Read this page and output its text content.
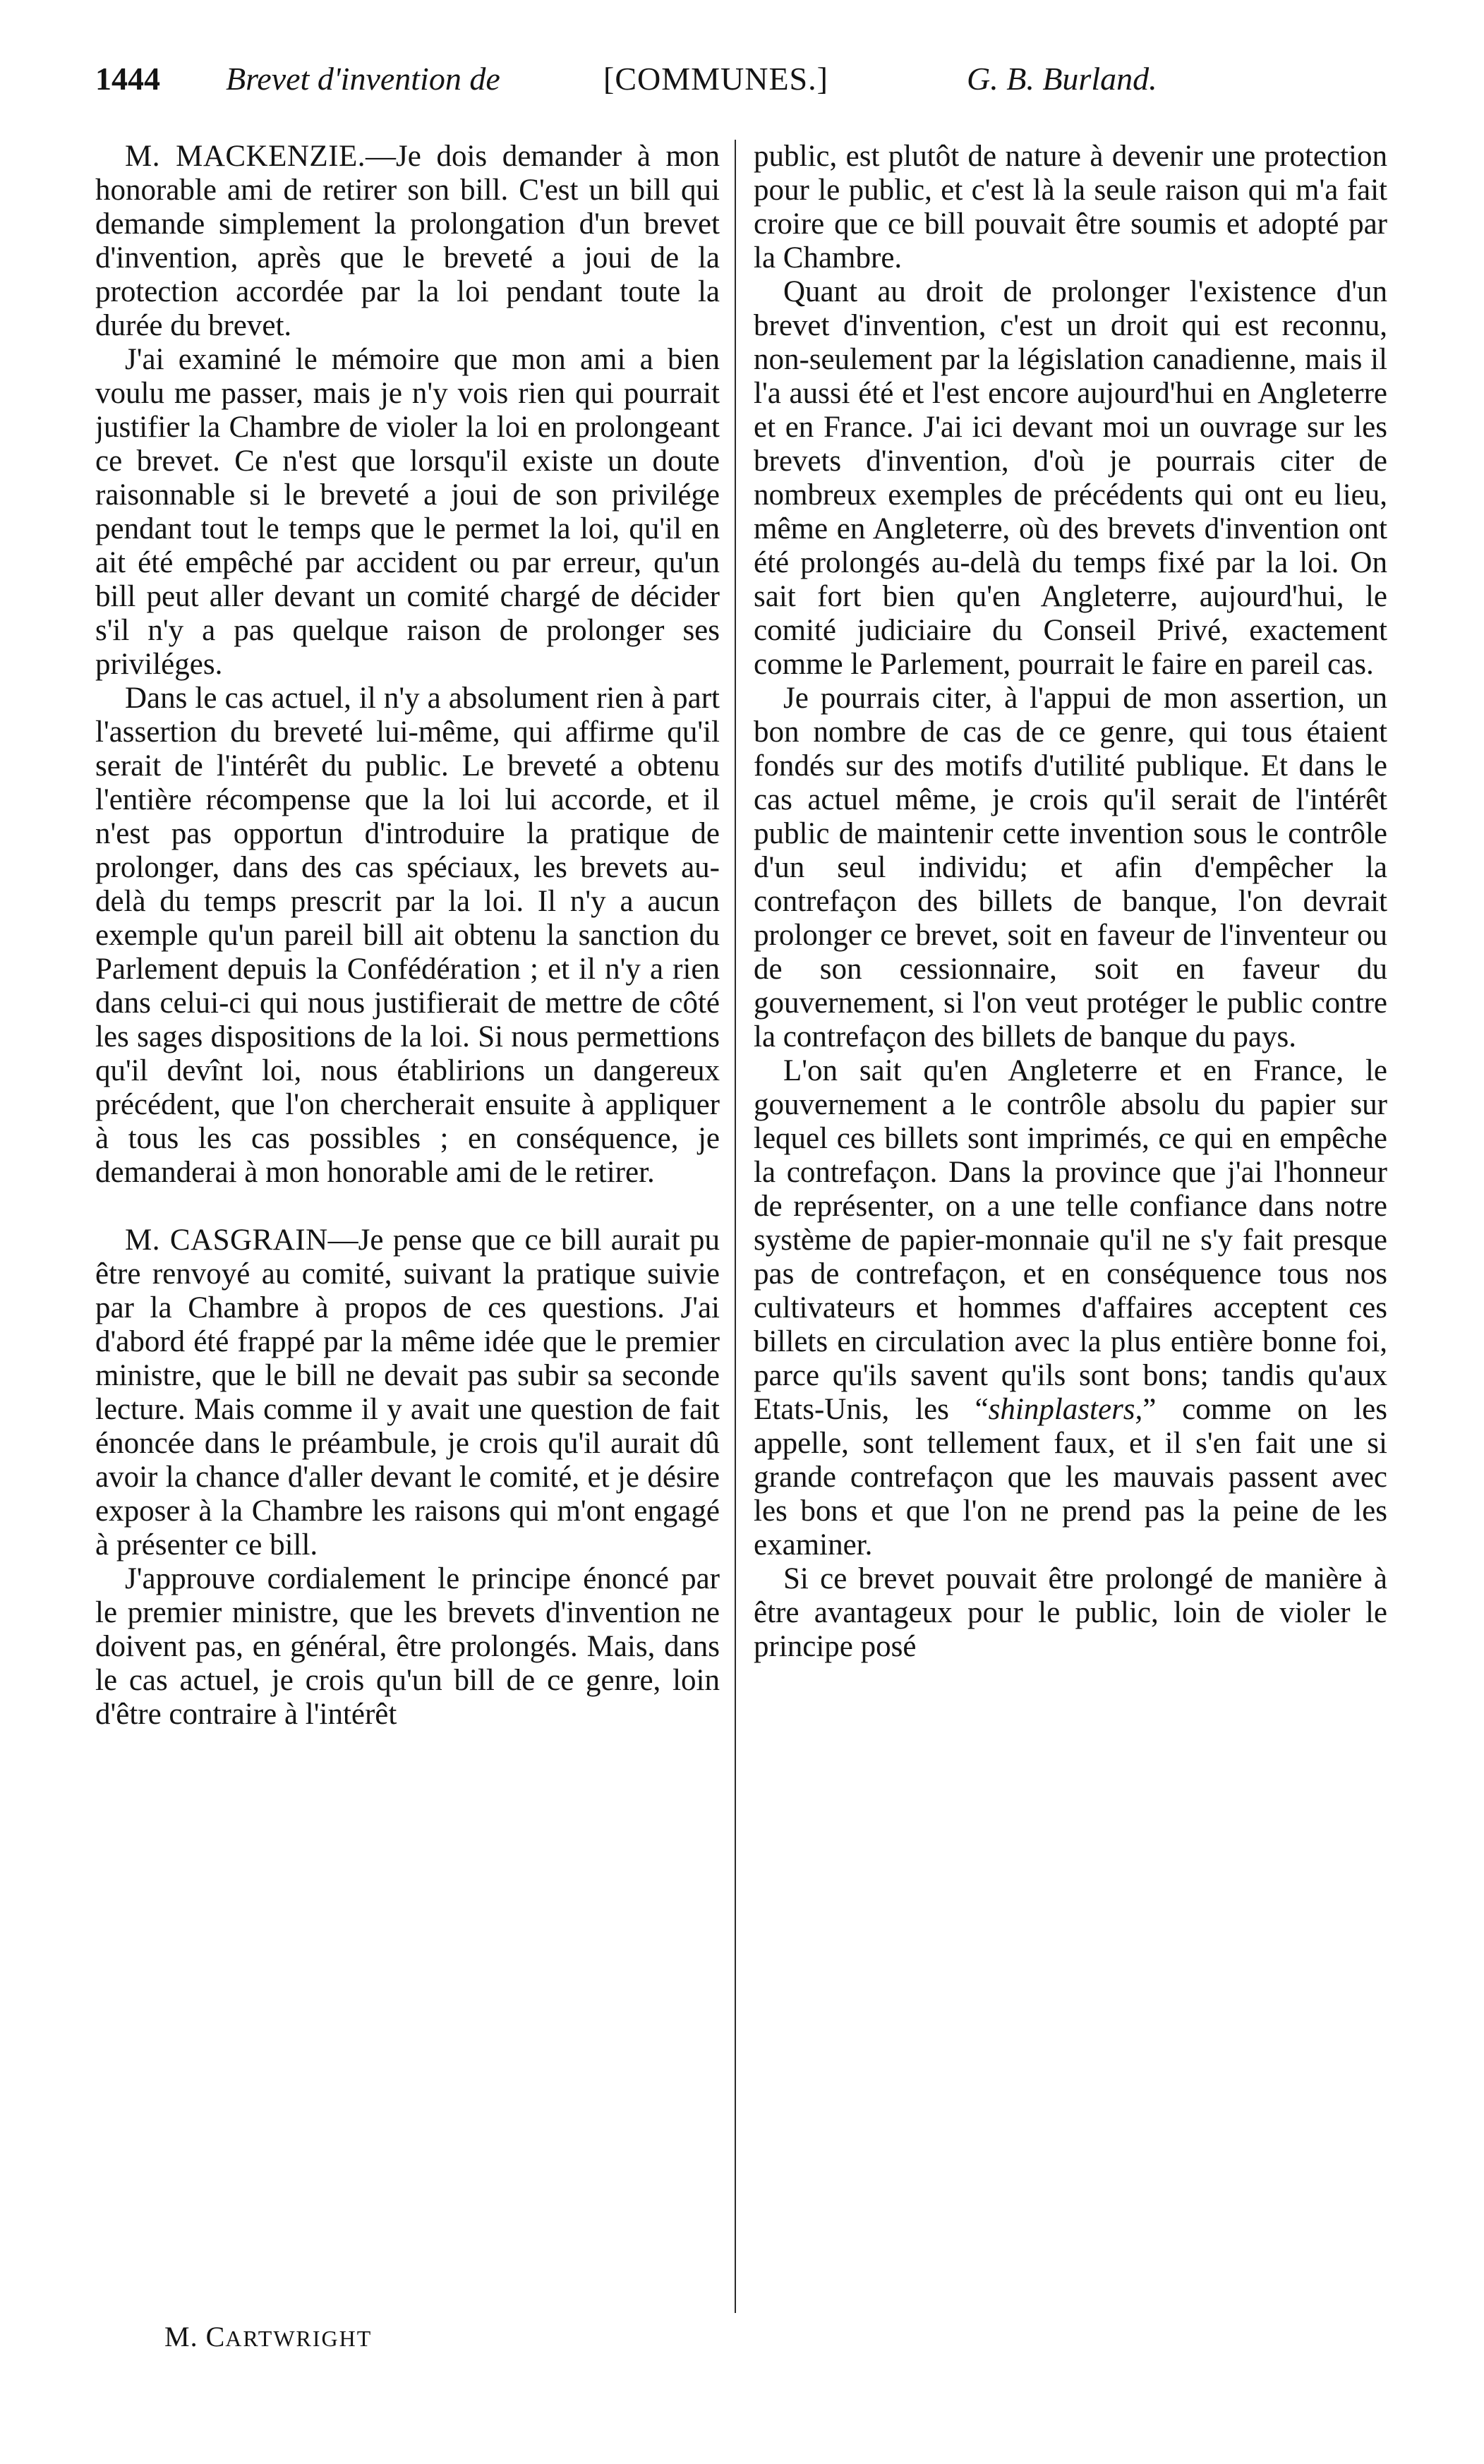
1444 Brevet d'invention de	[COMMUNES.]	G. B. Burland.

M. MACKENZIE.—Je dois demander à mon honorable ami de retirer son bill. C'est un bill qui demande simplement la prolongation d'un brevet d'invention, après que le breveté a joui de la protection accordée par la loi pendant toute la durée du brevet.

J'ai examiné le mémoire que mon ami a bien voulu me passer, mais je n'y vois rien qui pourrait justifier la Chambre de violer la loi en prolongeant ce brevet. Ce n'est que lorsqu'il existe un doute raisonnable si le breveté a joui de son privilége pendant tout le temps que le permet la loi, qu'il en ait été empêché par accident ou par erreur, qu'un bill peut aller devant un comité chargé de décider s'il n'y a pas quelque raison de prolonger ses priviléges.

Dans le cas actuel, il n'y a absolument rien à part l'assertion du breveté lui-même, qui affirme qu'il serait de l'intérêt du public. Le breveté a obtenu l'entière récompense que la loi lui accorde, et il n'est pas opportun d'introduire la pratique de prolonger, dans des cas spéciaux, les brevets au-delà du temps prescrit par la loi. Il n'y a aucun exemple qu'un pareil bill ait obtenu la sanction du Parlement depuis la Confédération ; et il n'y a rien dans celui-ci qui nous justifierait de mettre de côté les sages dispositions de la loi. Si nous permettions qu'il devînt loi, nous établirions un dangereux précédent, que l'on chercherait ensuite à appliquer à tous les cas possibles ; en conséquence, je demanderai à mon honorable ami de le retirer.

M. CASGRAIN—Je pense que ce bill aurait pu être renvoyé au comité, suivant la pratique suivie par la Chambre à propos de ces questions. J'ai d'abord été frappé par la même idée que le premier ministre, que le bill ne devait pas subir sa seconde lecture. Mais comme il y avait une question de fait énoncée dans le préambule, je crois qu'il aurait dû avoir la chance d'aller devant le comité, et je désire exposer à la Chambre les raisons qui m'ont engagé à présenter ce bill.

J'approuve cordialement le principe énoncé par le premier ministre, que les brevets d'invention ne doivent pas, en général, être prolongés. Mais, dans le cas actuel, je crois qu'un bill de ce genre, loin d'être contraire à l'intérêt

public, est plutôt de nature à devenir une protection pour le public, et c'est là la seule raison qui m'a fait croire que ce bill pouvait être soumis et adopté par la Chambre.

Quant au droit de prolonger l'existence d'un brevet d'invention, c'est un droit qui est reconnu, non-seulement par la législation canadienne, mais il l'a aussi été et l'est encore aujourd'hui en Angleterre et en France. J'ai ici devant moi un ouvrage sur les brevets d'invention, d'où je pourrais citer de nombreux exemples de précédents qui ont eu lieu, même en Angleterre, où des brevets d'invention ont été prolongés au-delà du temps fixé par la loi. On sait fort bien qu'en Angleterre, aujourd'hui, le comité judiciaire du Conseil Privé, exactement comme le Parlement, pourrait le faire en pareil cas.

Je pourrais citer, à l'appui de mon assertion, un bon nombre de cas de ce genre, qui tous étaient fondés sur des motifs d'utilité publique. Et dans le cas actuel même, je crois qu'il serait de l'intérêt public de maintenir cette invention sous le contrôle d'un seul individu; et afin d'empêcher la contrefaçon des billets de banque, l'on devrait prolonger ce brevet, soit en faveur de l'inventeur ou de son cessionnaire, soit en faveur du gouvernement, si l'on veut protéger le public contre la contrefaçon des billets de banque du pays.

L'on sait qu'en Angleterre et en France, le gouvernement a le contrôle absolu du papier sur lequel ces billets sont imprimés, ce qui en empêche la contrefaçon. Dans la province que j'ai l'honneur de représenter, on a une telle confiance dans notre système de papier-monnaie qu'il ne s'y fait presque pas de contrefaçon, et en conséquence tous nos cultivateurs et hommes d'affaires acceptent ces billets en circulation avec la plus entière bonne foi, parce qu'ils savent qu'ils sont bons; tandis qu'aux Etats-Unis, les “shinplasters,” comme on les appelle, sont tellement faux, et il s'en fait une si grande contrefaçon que les mauvais passent avec les bons et que l'on ne prend pas la peine de les examiner.

Si ce brevet pouvait être prolongé de manière à être avantageux pour le public, loin de violer le principe posé

M. CARTWRIGHT
